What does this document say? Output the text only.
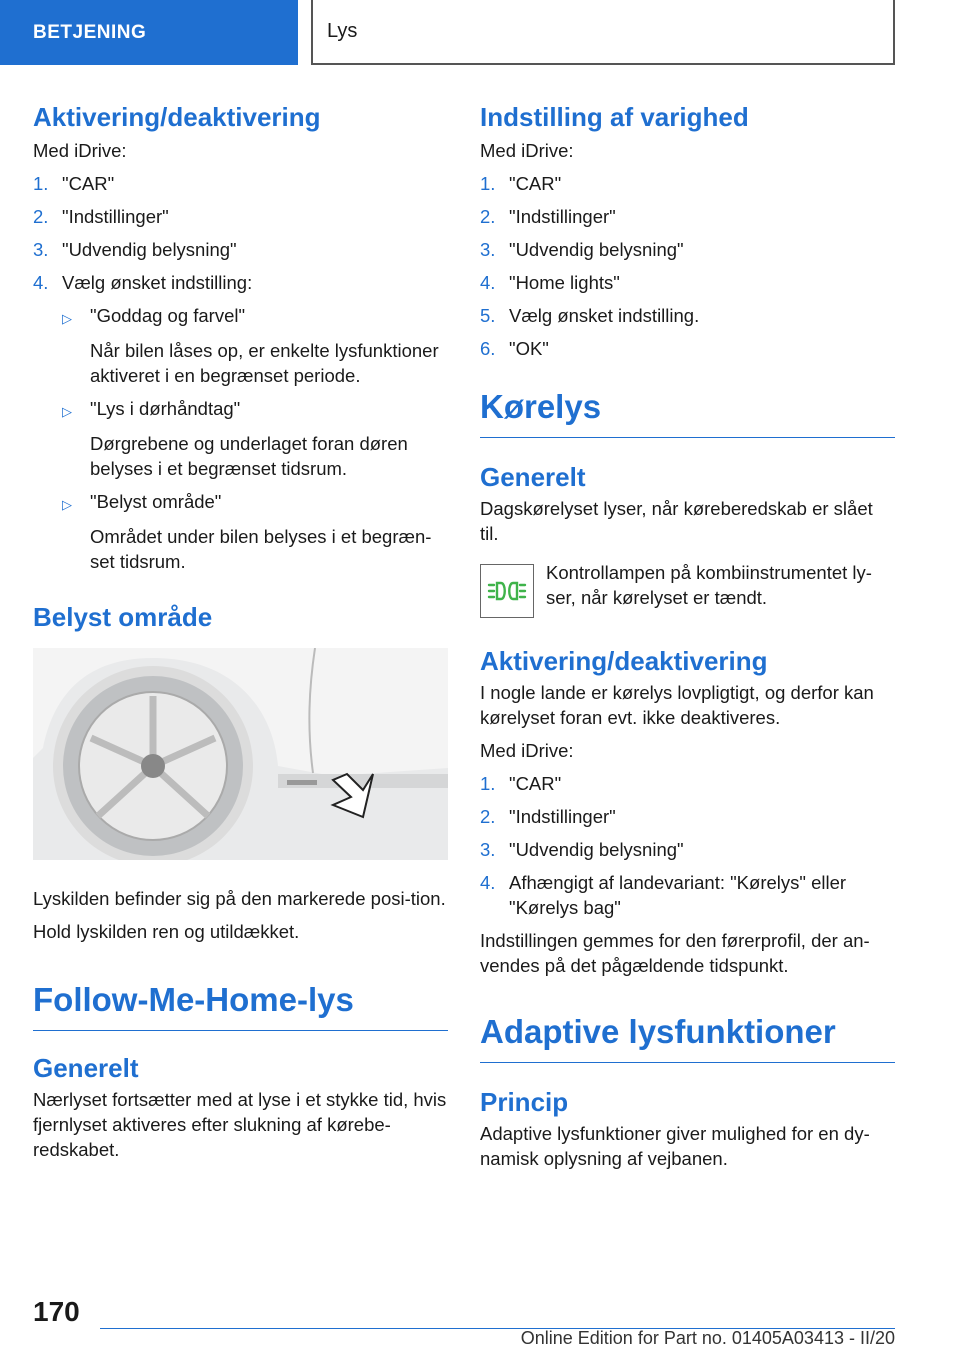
BETJENING	Lys
Aktivering/deaktivering

Med iDrive:

1. "CAR"
2. "Indstillinger"
3. "Udvendig belysning"
4. Vælg ønsket indstilling:
▷ "Goddag og farvel"
Når bilen låses op, er enkelte lysfunktioner aktiveret i en begrænset periode.
▷ "Lys i dørhåndtag"
Dørgrebene og underlaget foran døren belyses i et begrænset tidsrum.
▷ "Belyst område"
Området under bilen belyses i et begræn-set tidsrum.
Belyst område

Lyskilden befinder sig på den markerede posi-tion.

Hold lyskilden ren og utildækket.

Follow-Me-Home-lys
Generelt

Nærlyset fortsætter med at lyse i et stykke tid, hvis fjernlyset aktiveres efter slukning af kørebe-redskabet.

Indstilling af varighed

Med iDrive:

1. "CAR"
2. "Indstillinger"
3. "Udvendig belysning"
4. "Home lights"
5. Vælg ønsket indstilling.
6. "OK"
Kørelys
Generelt

Dagskørelyset lyser, når køreberedskab er slået til.

Kontrollampen på kombiinstrumentet ly-ser, når kørelyset er tændt.

Aktivering/deaktivering

I nogle lande er kørelys lovpligtigt, og derfor kan kørelyset foran evt. ikke deaktiveres.

Med iDrive:

1. "CAR"
2. "Indstillinger"
3. "Udvendig belysning"
4. Afhængigt af landevariant: "Kørelys" eller "Kørelys bag"

Indstillingen gemmes for den førerprofil, der an-vendes på det pågældende tidspunkt.

Adaptive lysfunktioner
Princip

Adaptive lysfunktioner giver mulighed for en dy-namisk oplysning af vejbanen.

170
Online Edition for Part no. 01405A03413 - II/20
